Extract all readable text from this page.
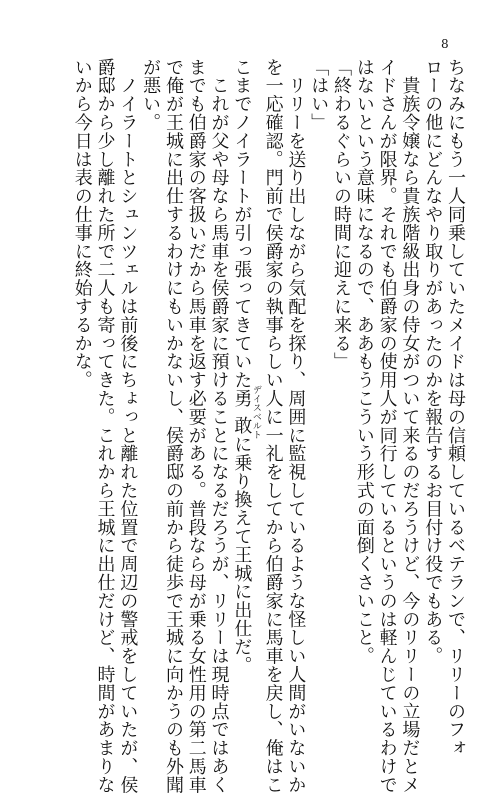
8
ちなみにもう一人同乗していたメイドは母の信頼しているベテランで、リリーのフォ
ローの他にどんなやり取りがあったのかを報告するお目付け役でもある。
　貴族令嬢なら貴族階級出身の侍女がついて来るのだろうけど、今のリリーの立場だとメ
イドさんが限界。それでも伯爵家の使用人が同行しているというのは軽んじているわけで
はないという意味になるので、ああもうこういう形式の面倒くさいこと。
「終わるぐらいの時間に迎えに来る」
「はい」
　リリーを送り出しながら気配を探り、周囲に監視しているような怪しい人間がいないか
を一応確認。門前で侯爵家の執事らしい人に一礼をしてから伯爵家に馬車を戻し、俺はこ
こまでノイラートが引っ張ってきていた勇敢デイスベルトに乗り換えて王城に出仕だ。
　これが父や母なら馬車を侯爵家に預けることになるだろうが、リリーは現時点ではあく
までも伯爵家の客扱いだから馬車を返す必要がある。普段なら母が乗る女性用の第二馬車
で俺が王城に出仕するわけにもいかないし、侯爵邸の前から徒歩で王城に向かうのも外聞
が悪い。
　ノイラートとシュンツェルは前後にちょっと離れた位置で周辺の警戒をしていたが、侯
爵邸から少し離れた所で二人も寄ってきた。これから王城に出仕だけど、時間があまりな
いから今日は表の仕事に終始するかな。
